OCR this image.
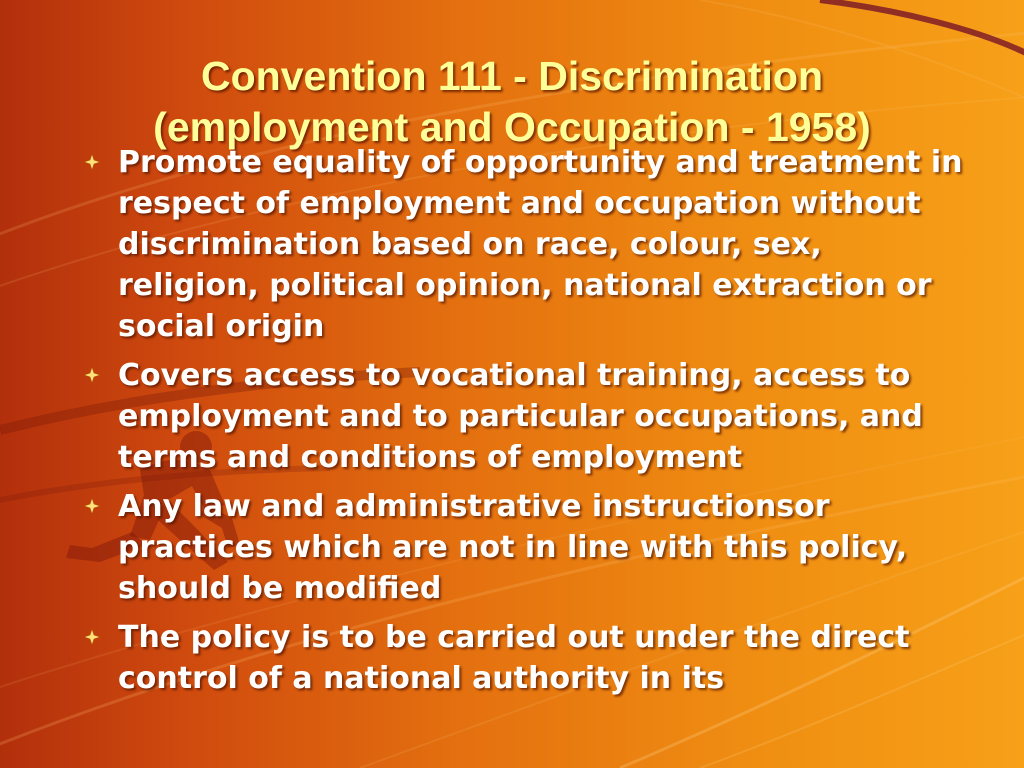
Convention 111 - Discrimination
(employment and Occupation - 1958)
Promote equality of opportunity and treatment in respect of employment and occupation without discrimination based on race, colour, sex, religion, political opinion, national extraction or social origin
Covers access to vocational training, access to employment and to particular occupations, and terms and conditions of employment
Any law and administrative instructionsor practices which are not in line with this policy, should be modified
The policy is to be carried out under the direct control of a national authority in its
